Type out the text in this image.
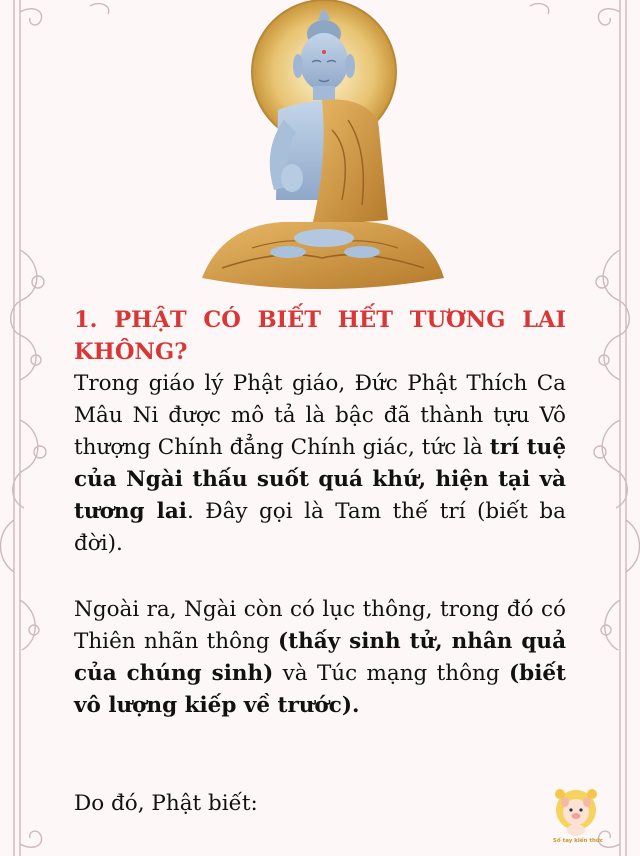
1. PHẬT CÓ BIẾT HẾT TƯƠNG LAI KHÔNG?
Trong giáo lý Phật giáo, Đức Phật Thích Ca Mâu Ni được mô tả là bậc đã thành tựu Vô thượng Chính đẳng Chính giác, tức là trí tuệ của Ngài thấu suốt quá khứ, hiện tại và tương lai. Đây gọi là Tam thế trí (biết ba đời).
Ngoài ra, Ngài còn có lục thông, trong đó có Thiên nhãn thông (thấy sinh tử, nhân quả của chúng sinh) và Túc mạng thông (biết vô lượng kiếp về trước).
Do đó, Phật biết:
Sổ tay kiến thức
